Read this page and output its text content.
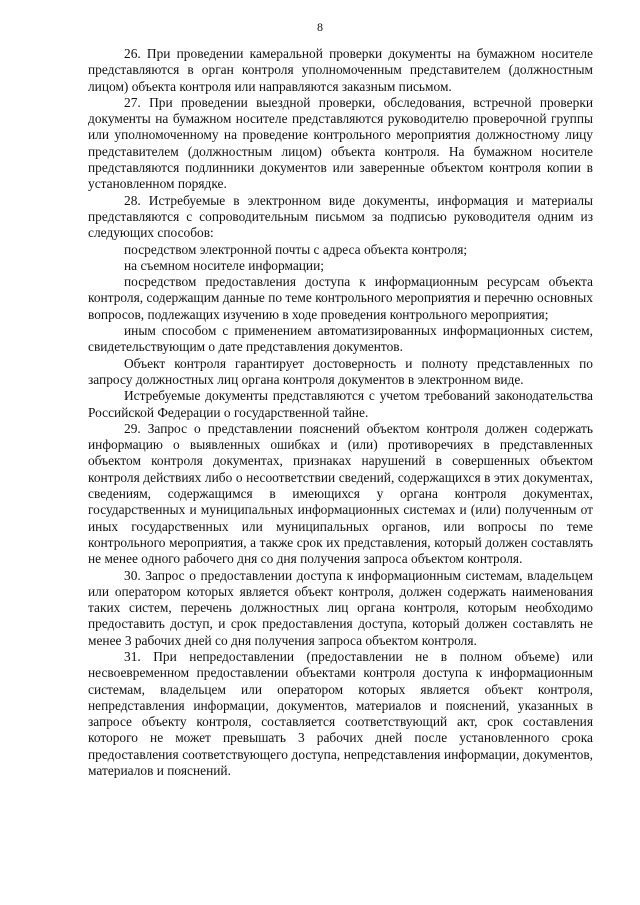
8

26. При проведении камеральной проверки документы на бумажном носителе представляются в орган контроля уполномоченным представителем (должностным лицом) объекта контроля или направляются заказным письмом.

27. При проведении выездной проверки, обследования, встречной проверки документы на бумажном носителе представляются руководителю проверочной группы или уполномоченному на проведение контрольного мероприятия должностному лицу представителем (должностным лицом) объекта контроля. На бумажном носителе представляются подлинники документов или заверенные объектом контроля копии в установленном порядке.

28. Истребуемые в электронном виде документы, информация и материалы представляются с сопроводительным письмом за подписью руководителя одним из следующих способов:

посредством электронной почты с адреса объекта контроля;

на съемном носителе информации;

посредством предоставления доступа к информационным ресурсам объекта контроля, содержащим данные по теме контрольного мероприятия и перечню основных вопросов, подлежащих изучению в ходе проведения контрольного мероприятия;

иным способом с применением автоматизированных информационных систем, свидетельствующим о дате представления документов.

Объект контроля гарантирует достоверность и полноту представленных по запросу должностных лиц органа контроля документов в электронном виде.

Истребуемые документы представляются с учетом требований законодательства Российской Федерации о государственной тайне.

29. Запрос о представлении пояснений объектом контроля должен содержать информацию о выявленных ошибках и (или) противоречиях в представленных объектом контроля документах, признаках нарушений в совершенных объектом контроля действиях либо о несоответствии сведений, содержащихся в этих документах, сведениям, содержащимся в имеющихся у органа контроля документах, государственных и муниципальных информационных системах и (или) полученным от иных государственных или муниципальных органов, или вопросы по теме контрольного мероприятия, а также срок их представления, который должен составлять не менее одного рабочего дня со дня получения запроса объектом контроля.

30. Запрос о предоставлении доступа к информационным системам, владельцем или оператором которых является объект контроля, должен содержать наименования таких систем, перечень должностных лиц органа контроля, которым необходимо предоставить доступ, и срок предоставления доступа, который должен составлять не менее 3 рабочих дней со дня получения запроса объектом контроля.

31. При непредоставлении (предоставлении не в полном объеме) или несвоевременном предоставлении объектами контроля доступа к информационным системам, владельцем или оператором которых является объект контроля, непредставления информации, документов, материалов и пояснений, указанных в запросе объекту контроля, составляется соответствующий акт, срок составления которого не может превышать 3 рабочих дней после установленного срока предоставления соответствующего доступа, непредставления информации, документов, материалов и пояснений.
